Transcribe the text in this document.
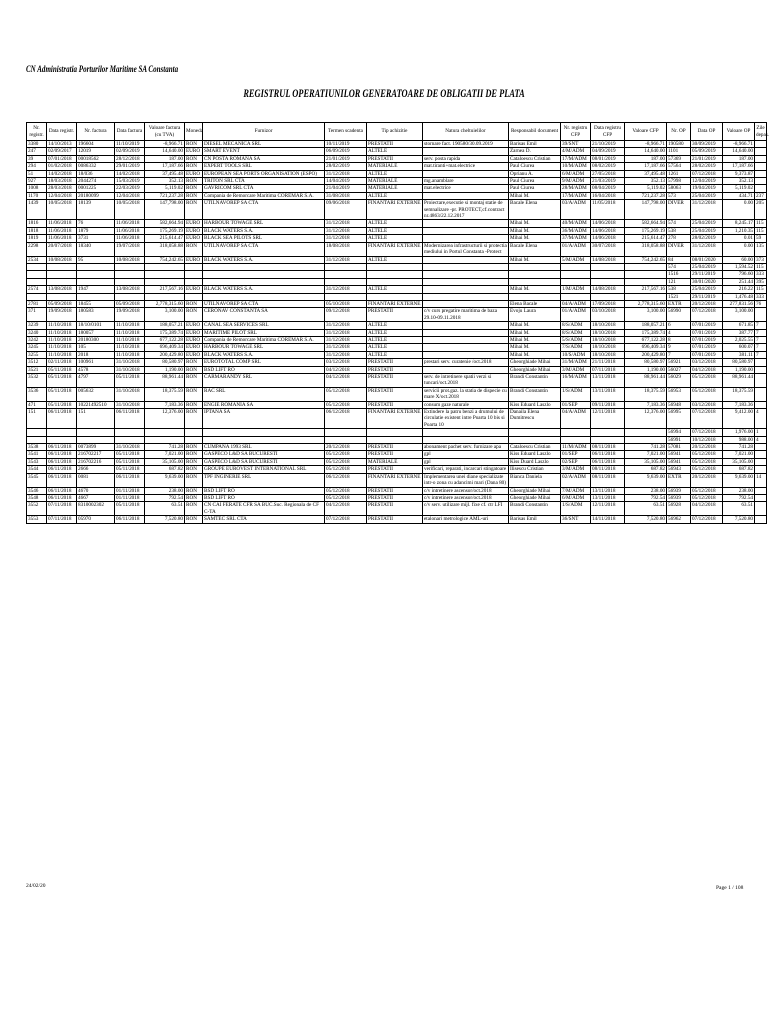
CN Administratia Porturilor Maritime SA Constanta
REGISTRUL OPERATIUNILOR GENERATOARE DE OBLIGATII DE PLATA
Nr. registr.	Data registr.	Nr. factura	Data factura	Valoare factura (cu TVA)	Moneda	Furnizor	Termen scadenta	Tip achizitie	Natura cheltuielilor	Responsabil document	Nr. registru CFP	Data registru CFP	Valoare CFP	Nr. OP	Data OP	Valoare OP	Zile depas.
3380	14/10/2013	196604	11/10/2019	-8,966.71	RON	DIESEL MECANICA SRL	10/11/2019	PRESTATII	stornare fact. 190580/30.09.2019	Barisas Emil	39/SNT	21/10/2019	-8,966.71	190580	30/09/2019	-8,966.71	
247	02/09/2017	12019	02/09/2019	14,640.00	EURO	SMART EVENT	06/09/2019	ALTELE		Zarnea D.	4/M/ADM	04/09/2019	14,640.00	1101	05/09/2019	14,640.00	
39	07/01/2018	00018562	28/12/2018	187.00	RON	CN POSTA ROMANA SA	21/01/2019	PRESTATII	serv. posta rapida	Cataloescu Cristian	17/M/ADM	08/01/2019	187.00	57369	21/01/2019	187.00	
294	01/02/2018	0086332	29/01/2019	17,187.66	RON	EXPERT TOOLS SRL	28/02/2019	MATERIALE	mat.tiranti+mat.electrice	Paul Ciurea	10/M/ADM	08/02/2019	17,187.66	57564	28/02/2019	17,187.66	
51	14/02/2018	18/036	14/02/2018	37,495.48	EURO	EUROPEAN SEA PORTS ORGANISATION (ESPO)	31/12/2018	ALTELE		Oprianu A.	6/M/ADM	27/05/2018	37,495.48	1261	07/12/2018	9,373.87	
927	18/03/2018	2044274	15/03/2019	352.13	RON	TRITON SRL CTA	14/04/2019	MATERIALE	mg.anamblare	Paul Ciurea	9/M/ADM	21/03/2019	352.13	57998	12/04/2019	352.13	
1008	28/03/2018	0001225	22/03/2019	5,119.02	RON	GAVRICOM SRL CTA	21/04/2019	MATERIALE	mat.electrice	Paul Ciurea	28/M/ADM	08/04/2019	5,119.02	58063	19/04/2019	5,119.02	
1170	12/04/2018	20180099	12/04/2018	721,237.28	RON	Compania de Remorcare Maritima COREMAR S.A.	31/08/2018	ALTELE		Mihai M.	17/M/ADM	16/04/2018	721,237.28	573	25/04/2019	434.71	237
1439	10/05/2018	18139	10/05/2018	147,798.00	RON	UTILNAVOREP SA CTA	09/06/2018	FINANTARI EXTERNE	Proiectare,executie si montaj statie de semnalizare -pr. PROTECT,cf.contract nr.4863/22.12.2017	Bacale Elena	03/A/ADM	11/05/2018	147,798.00	DIVER	31/12/2018	0.00	205
1816	11/06/2018	76	11/06/2018	582,664.94	EURO	HARBOUR TOWAGE SRL	31/12/2018	ALTELE		Mihai M.	40/M/ADM	14/06/2018	582,664.94	574	25/04/2019	8,245.17	115
1818	11/06/2018	1879	11/06/2018	175,269.19	EURO	BLACK WATERS S.A.	31/12/2018	ALTELE		Mihai M.	36/M/ADM	14/06/2018	175,269.19	538	25/04/2019	1,210.35	115
1819	11/06/2018	3731	11/06/2018	215,614.47	EURO	BLACK SEA PILOTS SRL	31/12/2018	ALTELE		Mihai M.	37/M/ADM	14/06/2018	215,614.47	278	28/02/2019	0.01	59
2298	20/07/2018	18340	19/07/2018	318,058.88	RON	UTILNAVOREP SA CTA	18/08/2018	FINANTARI EXTERNE	Modernizarea infrastructurii si protectia mediului in Portul Constanta -Protect	Bacale Elena	01/A/ADM	30/07/2018	318,058.88	DIVER	31/12/2018	0.00	135
2534	10/08/2018	95	10/08/2018	754,242.65	EURO	BLACK WATERS S.A.	31/12/2018	ALTELE		Mihai M.	5/M/ADM	14/08/2018	754,242.65	84	08/01/2020	60.00	373
														574	25/04/2019	1,594.52	115
														1516	29/11/2019	796.60	333
														121	30/01/2020	251.44	395
2574	13/08/2018	1947	13/08/2018	217,567.16	EURO	BLACK WATERS S.A.	31/12/2018	ALTELE		Mihai M.	1/M/ADM	14/08/2018	217,567.16	538	25/04/2019	216.22	115
														1521	29/11/2019	1,476.48	333
2781	05/09/2018	18455	05/09/2018	2,778,315.60	RON	UTILNAVOREP SA CTA	05/10/2018	FINANTARI EXTERNE		Elena Bacale	04/A/ADM	17/09/2018	2,778,315.60	EXTR	20/12/2018	277,831.56	76
371	19/09/2018	180583	19/09/2018	3,100.00	RON	CERONAV CONSTANTA SA	09/12/2018	PRESTATII	c/v curs pregatire maritima de baza 29.10-09.11.2018	Evoju Laura	01/A/ADM	03/10/2018	3,100.00	56990	07/12/2018	3,100.00	
3239	11/10/2018	18/10/0101	11/10/2018	188,057.21	EURO	CANAL SEA SERVICES SRL	31/12/2018	ALTELE		Mihai M.	8/S/ADM	18/10/2018	188,057.21	6	07/01/2019	671.85	7
3240	11/10/2018	180057	11/10/2018	175,389.74	EURO	MARITIME PILOT SRL	31/12/2018	ALTELE		Mihai M.	8/S/ADM	18/10/2018	175,389.74	4	07/01/2019	387.77	7
3242	11/10/2018	20180300	11/10/2018	677,122.28	EURO	Compania de Remorcare Maritima COREMAR S.A.	31/12/2018	ALTELE		Mihai M.	5/S/ADM	18/10/2018	677,122.28	8	07/01/2019	2,025.55	7
3245	11/10/2018	105	11/10/2018	696,409.34	EURO	HARBOUR TOWAGE SRL	31/12/2018	ALTELE		Mihai M.	7/S/ADM	18/10/2018	696,409.34	9	07/01/2019	600.07	7
3255	11/10/2018	2018	11/10/2018	200,429.80	EURO	BLACK WATERS S.A.	31/12/2018	ALTELE		Mihai M.	10/S/ADM	18/10/2018	200,429.80	7	07/01/2019	381.11	7
3512	02/11/2018	100961	31/10/2018	80,580.97	RON	EUROTOTAL COMP SRL	03/12/2018	PRESTATII	prestari serv. curatenie /oct.2018	Gheorghiade Mihai	31/M/ADM	21/11/2018	80,580.97	56921	03/12/2018	80,580.97	
3521	05/11/2018	4578	31/10/2018	1,190.00	RON	BSD LIFT RO	04/12/2018	PRESTATII		Gheorghiade Mihai	3/M/ADM	07/11/2018	1,190.00	56027	04/12/2018	1,190.00	
3532	05/11/2018	4797	05/11/2018	88,961.44	RON	CARMARANDY SRL	04/12/2018	PRESTATII	serv. de intretinere spatii verzi si tuncari/oct.2018	Brandi Constantin	16/M/ADM	13/11/2018	88,961.44	56029	05/12/2018	88,961.44	
3536	05/11/2018	005632	31/10/2018	18,375.59	RON	RAC SRL	05/12/2018	PRESTATII	servicii prot.gaz. la statia de dispecie cu mare X/oct.2018	Brandi Constantin	1/S/ADM	13/11/2018	18,375.59	56953	05/12/2018	18,375.59	
471	05/11/2018	10221492510	31/10/2018	7,183.36	RON	ENGIE ROMANIA SA	05/12/2018	PRESTATII	consum gaze naturale	Kiss Eduard Laszlo	01/SEP	09/11/2018	7,183.36	56948	03/12/2018	7,183.36	
151	06/11/2018	151	06/11/2018	12,376.00	RON	IPTANA SA	06/12/2018	FINANTARI EXTERNE	Extindere la patru benzi a drumului de circulatie existent intre Poarta 10 bis si Poarta 10	Danaila Elena Dumitrescu	04/A/ADM	12/11/2018	12,376.00	56995	07/12/2018	9,412.00	4
														56994	07/12/2018	1,976.00	1
														56991	10/12/2018	988.00	4
3538	06/11/2018	0073899	31/10/2018	741.28	RON	CUMPANA 1993 SRL	20/12/2018	PRESTATII	abonament pachet serv. furnizare apa	Cataloescu Cristian	11/M/ADM	08/11/2018	741.28	57081	20/12/2018	741.28	
3541	06/11/2018	216702217	05/11/2018	7,021.00	RON	GASPECO L&D SA BUCURESTI	05/12/2018	PRESTATII	gpl	Kiss Eduard Laszlo	01/SEP	06/11/2018	7,021.00	56941	05/12/2018	7,021.00	
3543	06/11/2018	216702216	05/11/2018	35,105.00	RON	GASPECO L&D SA BUCURESTI	05/12/2018	MATERIALE	gpl	Kiss Duard Laszlo	02/SEP	06/11/2018	35,105.00	56941	05/12/2018	35,105.00	
3544	06/11/2018	2666	05/11/2018	687.82	RON	GROUPE EUROVEST INTERNATIONAL SRL	05/12/2018	PRESTATII	verificari, reparati, incarcari stingatoare	Ilisescu Cristian	3/M/ADM	08/11/2018	687.82	56943	05/12/2018	687.82	
3545	06/11/2018	0081	06/11/2018	9,639.00	RON	TPF INGINERIE SRL	06/12/2018	FINANTARI EXTERNE	Implementarea unei diane specializate intr-o zona cu adancimi mari (Dana 80)	Bianca Daniela	02/A/ADM	08/11/2018	9,639.00	EXTR	20/12/2018	9,639.00	14
3546	06/11/2018	4670	01/11/2018	238.00	RON	BSD LIFT RO	05/12/2018	PRESTATII	c/v intretinere ascensor/oct.2018	Gheorghiade Mihai	7/M/ADM	13/11/2018	238.00	56939	05/12/2018	238.00	
3548	06/11/2018	4667	01/11/2018	792.54	RON	BSD LIFT RO	05/12/2018	PRESTATII	c/v intretinere ascensor/oct.2018	Gheorghiade Mihai	6/M/ADM	13/11/2018	792.54	56939	05/12/2018	792.54	
3552	07/11/2018	8310002302	05/11/2018	63.51	RON	CN CAI FERATE CFR SA BUC.Suc. Regionala de CF C-TA	04/12/2018	PRESTATII	c/v serv. utilizare mijl. fixe cf. ctr LFI	Brandi Constantin	1/S/ADM	12/11/2018	63.51	56928	04/12/2018	63.51	
3553	07/11/2018	05970	06/11/2018	7,520.80	RON	SAMTEC SRL CTA	07/12/2018	PRESTATII	etalonari metrologice AML-uri	Barisas Emil	36/SNT	14/11/2018	7,520.80	56962	07/12/2018	7,520.80	
24/02/20	Page 1 / 108
